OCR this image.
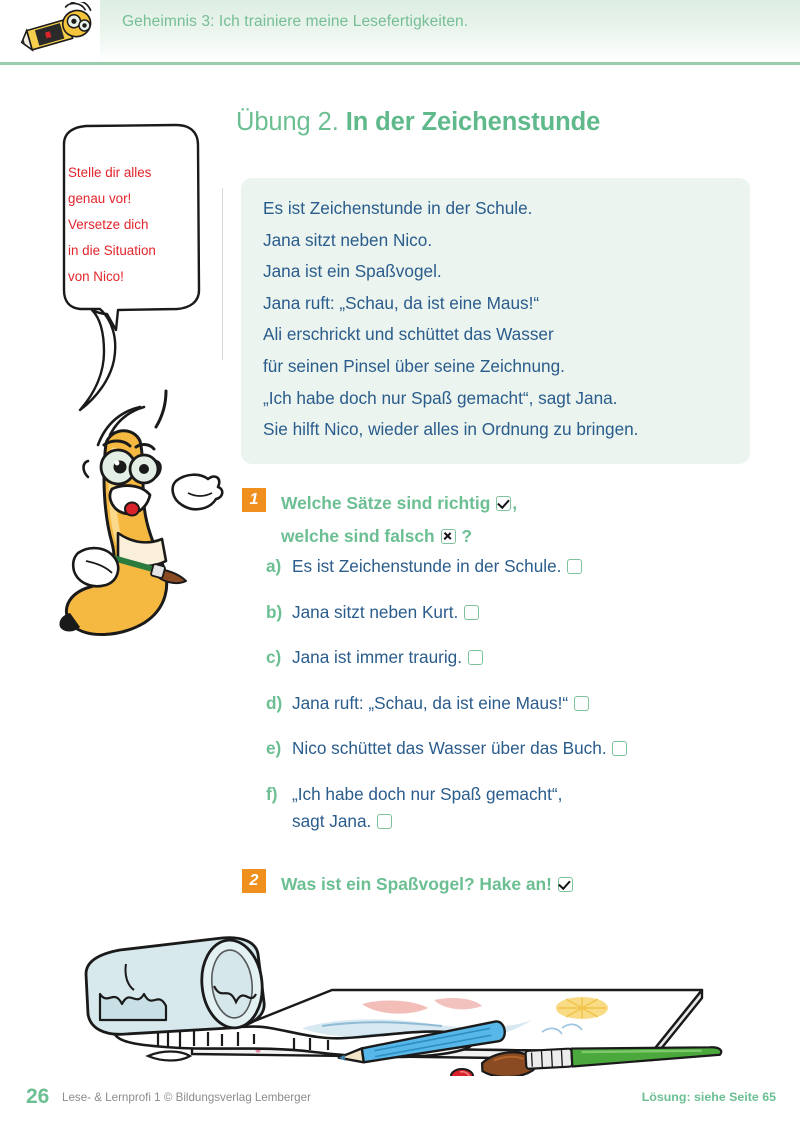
Geheimnis 3: Ich trainiere meine Lesefertigkeiten.
Übung 2. In der Zeichenstunde
Stelle dir alles
genau vor!
Versetze dich
in die Situation
von Nico!

Es ist Zeichenstunde in der Schule.

Jana sitzt neben Nico.

Jana ist ein Spaßvogel.

Jana ruft: „Schau, da ist eine Maus!“

Ali erschrickt und schüttet das Wasser

für seinen Pinsel über seine Zeichnung.

„Ich habe doch nur Spaß gemacht“, sagt Jana.

Sie hilft Nico, wieder alles in Ordnung zu bringen.

1	Welche Sätze sind richtig ,
welche sind falsch ☒ ?
a) Es ist Zeichenstunde in der Schule.
b) Jana sitzt neben Kurt.
c) Jana ist immer traurig.
d) Jana ruft: „Schau, da ist eine Maus!“
e) Nico schüttet das Wasser über das Buch.
f) „Ich habe doch nur Spaß gemacht“,
sagt Jana.
2	Was ist ein Spaßvogel? Hake an!
26 Lese- & Lernprofi 1 © Bildungsverlag Lemberger	Lösung: siehe Seite 65
